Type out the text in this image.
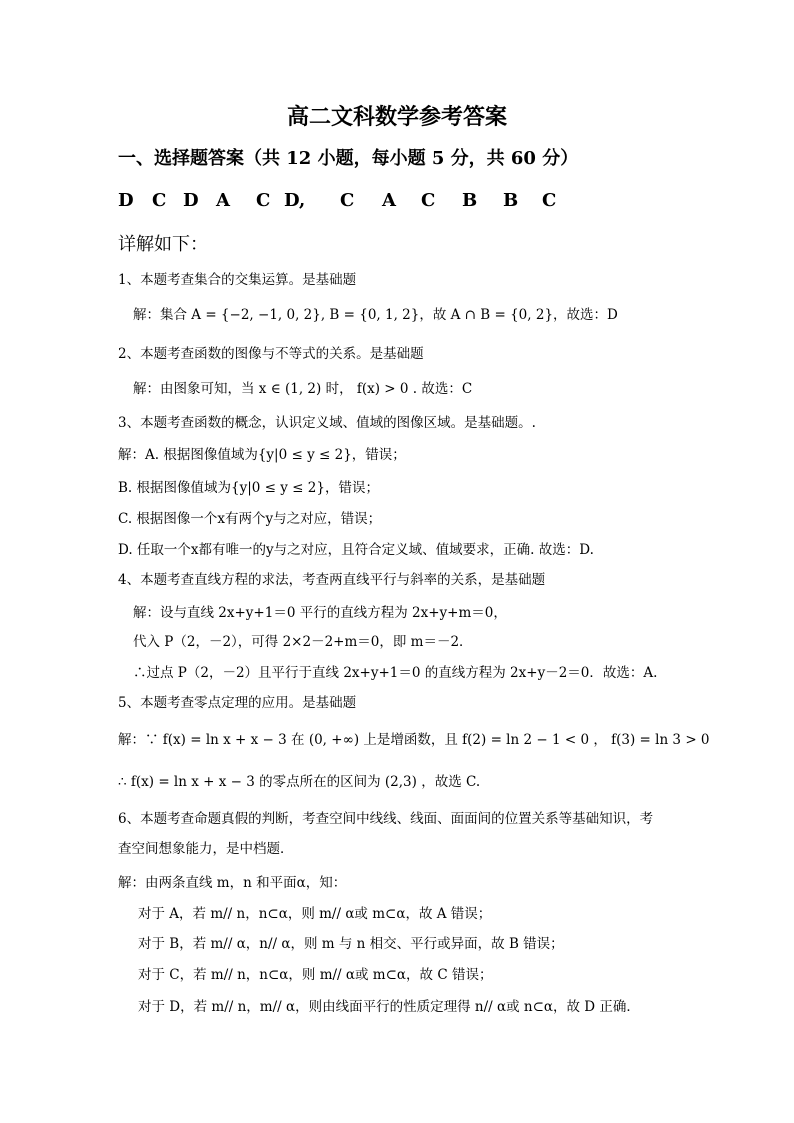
高二文科数学参考答案
一、选择题答案（共 12 小题，每小题 5 分，共 60 分）
D C D A C D, C A C B B C
详解如下：
1、本题考查集合的交集运算。是基础题
解：集合 A = {−2, −1, 0, 2}, B = {0, 1, 2}，故 A ∩ B = {0, 2}，故选：D
2、本题考查函数的图像与不等式的关系。是基础题
解：由图象可知，当 x ∈ (1, 2) 时， f(x) > 0 . 故选：C
3、本题考查函数的概念，认识定义域、值域的图像区域。是基础题。.
解：A. 根据图像值域为{y|0 ≤ y ≤ 2}，错误；
B. 根据图像值域为{y|0 ≤ y ≤ 2}，错误；
C. 根据图像一个x有两个y与之对应，错误；
D. 任取一个x都有唯一的y与之对应，且符合定义域、值域要求，正确. 故选：D.
4、本题考查直线方程的求法，考查两直线平行与斜率的关系，是基础题
解：设与直线 2x+y+1＝0 平行的直线方程为 2x+y+m＝0，
代入 P（2，－2），可得 2×2－2+m＝0，即 m＝－2．
∴过点 P（2，－2）且平行于直线 2x+y+1＝0 的直线方程为 2x+y－2＝0．故选：A.
5、本题考查零点定理的应用。是基础题
解：∵ f(x) = ln x + x − 3 在 (0, +∞) 上是增函数，且 f(2) = ln 2 − 1 < 0 ， f(3) = ln 3 > 0
∴ f(x) = ln x + x − 3 的零点所在的区间为 (2,3) ，故选 C.
6、本题考查命题真假的判断，考查空间中线线、线面、面面间的位置关系等基础知识，考
查空间想象能力，是中档题．
解：由两条直线 m，n 和平面α，知：
对于 A，若 m// n，n⊂α，则 m// α或 m⊂α，故 A 错误；
对于 B，若 m// α，n// α，则 m 与 n 相交、平行或异面，故 B 错误；
对于 C，若 m// n，n⊂α，则 m// α或 m⊂α，故 C 错误；
对于 D，若 m// n，m// α，则由线面平行的性质定理得 n// α或 n⊂α，故 D 正确．
